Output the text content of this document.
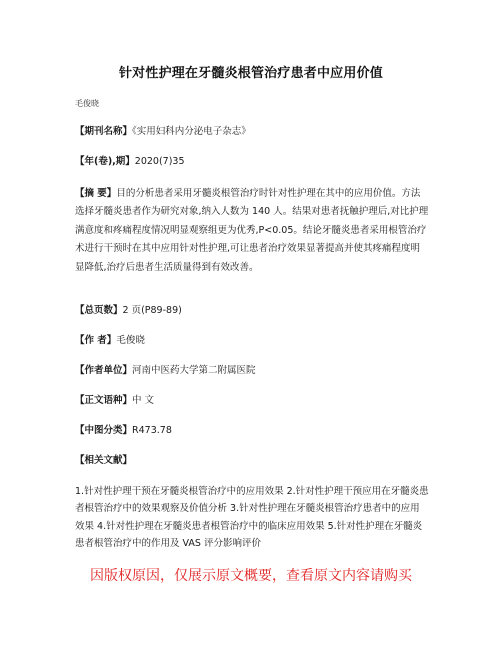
针对性护理在牙髓炎根管治疗患者中应用价值
毛俊晓
【期刊名称】《实用妇科内分泌电子杂志》
【年(卷),期】2020(7)35
【摘 要】目的分析患者采用牙髓炎根管治疗时针对性护理在其中的应用价值。方法选择牙髓炎患者作为研究对象,纳入人数为 140 人。结果对患者抚触护理后,对比护理满意度和疼痛程度情况明显观察组更为优秀,P<0.05。结论牙髓炎患者采用根管治疗术进行干预时在其中应用针对性护理,可让患者治疗效果显著提高并使其疼痛程度明显降低,治疗后患者生活质量得到有效改善。
【总页数】2 页(P89-89)
【作 者】毛俊晓
【作者单位】河南中医药大学第二附属医院
【正文语种】中 文
【中图分类】R473.78
【相关文献】
1.针对性护理干预在牙髓炎根管治疗中的应用效果 2.针对性护理干预应用在牙髓炎患者根管治疗中的效果观察及价值分析 3.针对性护理在牙髓炎根管治疗患者中的应用效果 4.针对性护理在牙髓炎患者根管治疗中的临床应用效果 5.针对性护理在牙髓炎患者根管治疗中的作用及 VAS 评分影响评价
因版权原因，仅展示原文概要，查看原文内容请购买
